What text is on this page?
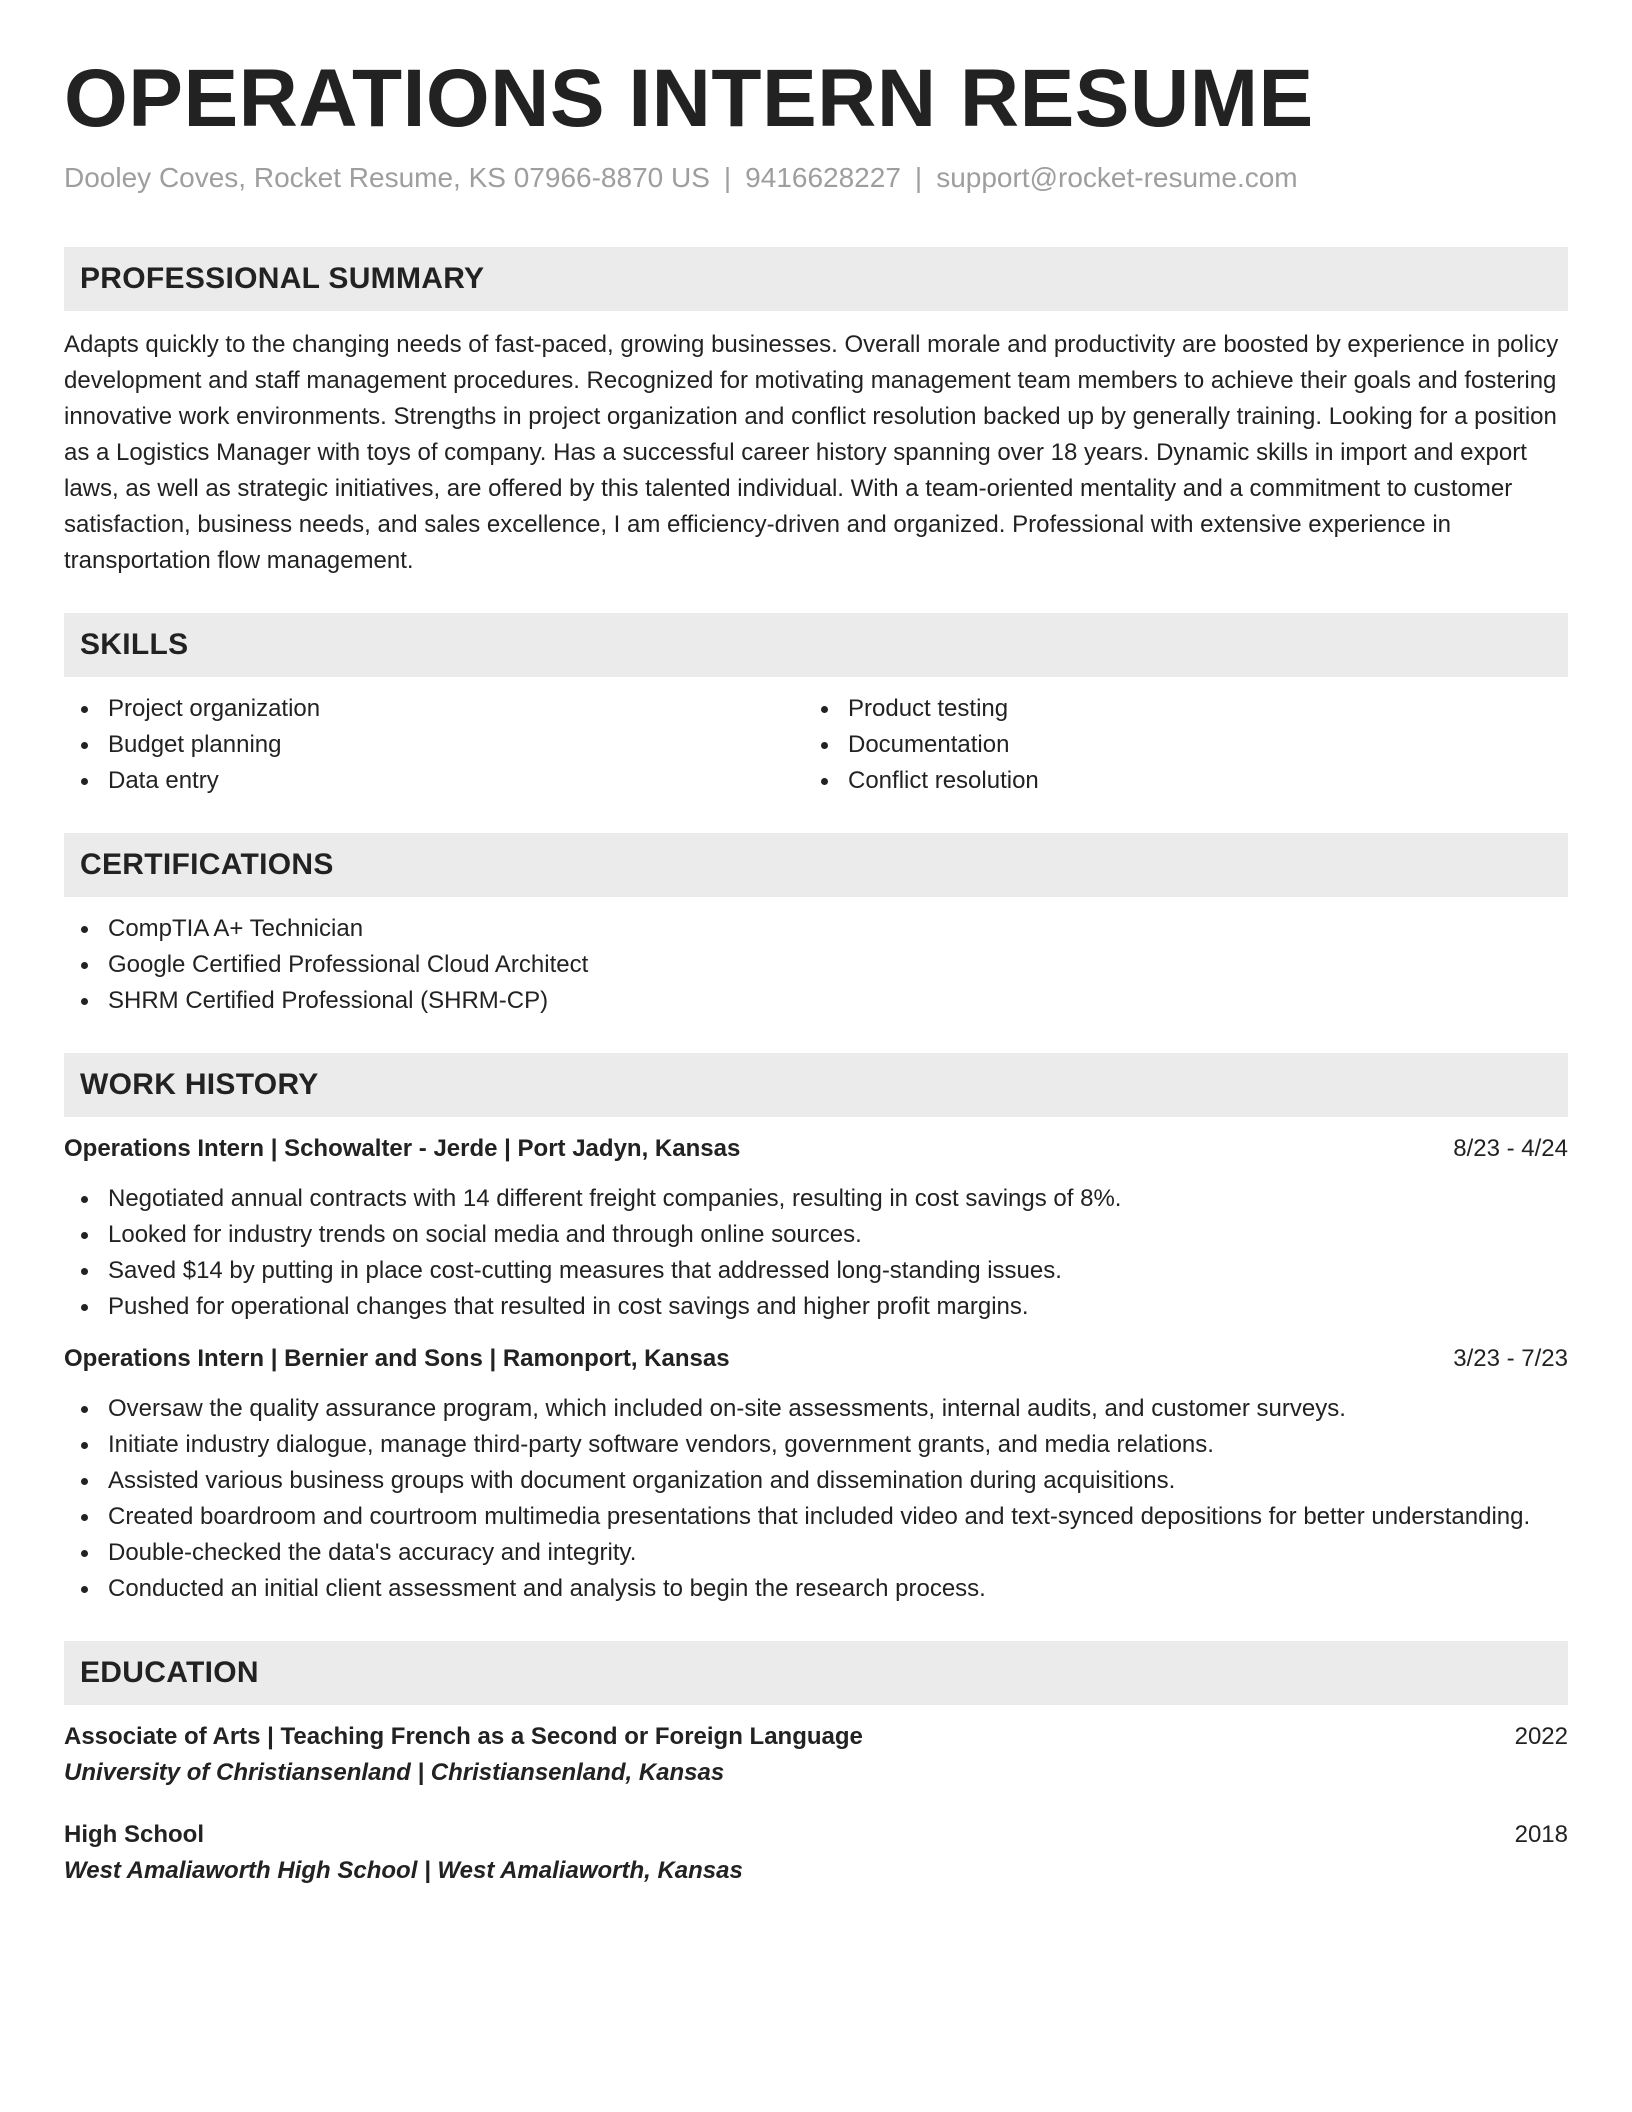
OPERATIONS INTERN RESUME
Dooley Coves, Rocket Resume, KS 07966-8870 US | 9416628227 | support@rocket-resume.com
PROFESSIONAL SUMMARY

Adapts quickly to the changing needs of fast-paced, growing businesses. Overall morale and productivity are boosted by experience in policy development and staff management procedures. Recognized for motivating management team members to achieve their goals and fostering innovative work environments. Strengths in project organization and conflict resolution backed up by generally training. Looking for a position as a Logistics Manager with toys of company. Has a successful career history spanning over 18 years. Dynamic skills in import and export laws, as well as strategic initiatives, are offered by this talented individual. With a team-oriented mentality and a commitment to customer satisfaction, business needs, and sales excellence, I am efficiency-driven and organized. Professional with extensive experience in transportation flow management.

SKILLS
Project organization
Budget planning
Data entry
Product testing
Documentation
Conflict resolution
CERTIFICATIONS
CompTIA A+ Technician
Google Certified Professional Cloud Architect
SHRM Certified Professional (SHRM-CP)
WORK HISTORY
Operations Intern | Schowalter - Jerde | Port Jadyn, Kansas	8/23 - 4/24
Negotiated annual contracts with 14 different freight companies, resulting in cost savings of 8%.
Looked for industry trends on social media and through online sources.
Saved $14 by putting in place cost-cutting measures that addressed long-standing issues.
Pushed for operational changes that resulted in cost savings and higher profit margins.
Operations Intern | Bernier and Sons | Ramonport, Kansas	3/23 - 7/23
Oversaw the quality assurance program, which included on-site assessments, internal audits, and customer surveys.
Initiate industry dialogue, manage third-party software vendors, government grants, and media relations.
Assisted various business groups with document organization and dissemination during acquisitions.
Created boardroom and courtroom multimedia presentations that included video and text-synced depositions for better understanding.
Double-checked the data's accuracy and integrity.
Conducted an initial client assessment and analysis to begin the research process.
EDUCATION
Associate of Arts | Teaching French as a Second or Foreign Language	2022
University of Christiansenland | Christiansenland, Kansas
High School	2018
West Amaliaworth High School | West Amaliaworth, Kansas
